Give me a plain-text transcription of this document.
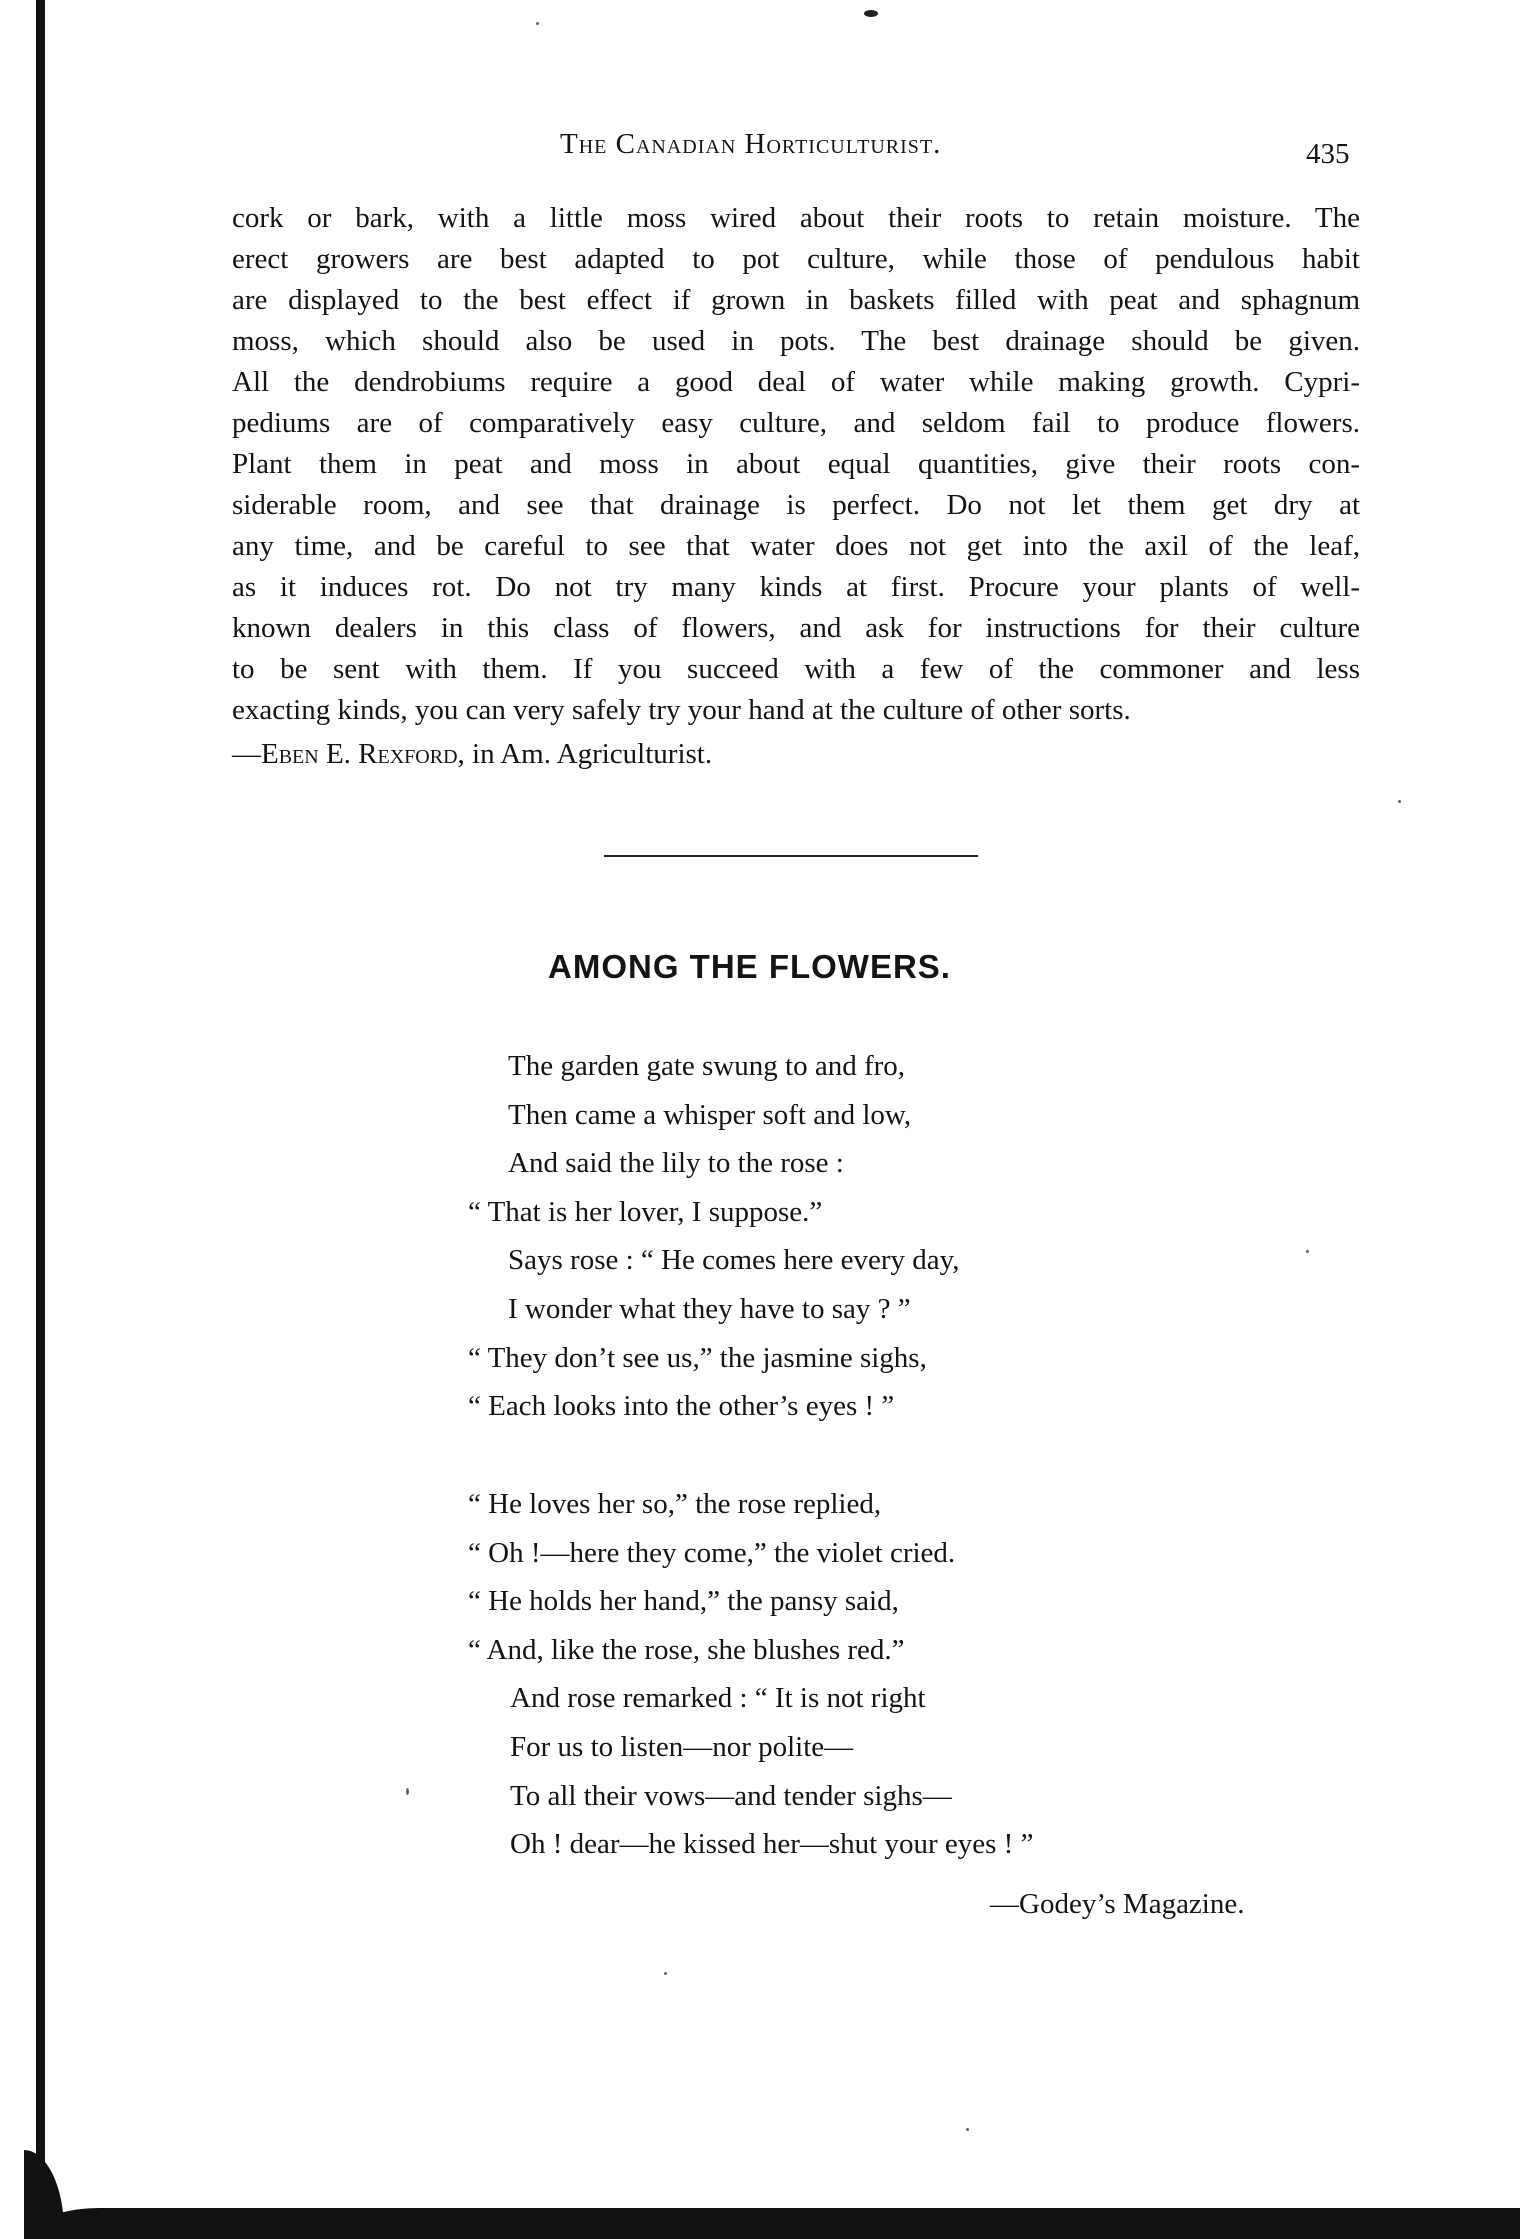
The Canadian Horticulturist.	435
cork or bark, with a little moss wired about their roots to retain moisture. The
erect growers are best adapted to pot culture, while those of pendulous habit
are displayed to the best effect if grown in baskets filled with peat and sphagnum
moss, which should also be used in pots. The best drainage should be given.
All the dendrobiums require a good deal of water while making growth. Cypri-
pediums are of comparatively easy culture, and seldom fail to produce flowers.
Plant them in peat and moss in about equal quantities, give their roots con-
siderable room, and see that drainage is perfect. Do not let them get dry at
any time, and be careful to see that water does not get into the axil of the leaf,
as it induces rot. Do not try many kinds at first. Procure your plants of well-
known dealers in this class of flowers, and ask for instructions for their culture
to be sent with them. If you succeed with a few of the commoner and less
exacting kinds, you can very safely try your hand at the culture of other sorts.
—Eben E. Rexford, in Am. Agriculturist.
AMONG THE FLOWERS.
The garden gate swung to and fro,
Then came a whisper soft and low,
And said the lily to the rose :
“ That is her lover, I suppose.”
Says rose : “ He comes here every day,
I wonder what they have to say ? ”
“ They don’t see us,” the jasmine sighs,
“ Each looks into the other’s eyes ! ”
“ He loves her so,” the rose replied,
“ Oh !—here they come,” the violet cried.
“ He holds her hand,” the pansy said,
“ And, like the rose, she blushes red.”
And rose remarked : “ It is not right
For us to listen—nor polite—
To all their vows—and tender sighs—
Oh ! dear—he kissed her—shut your eyes ! ”
—Godey’s Magazine.
